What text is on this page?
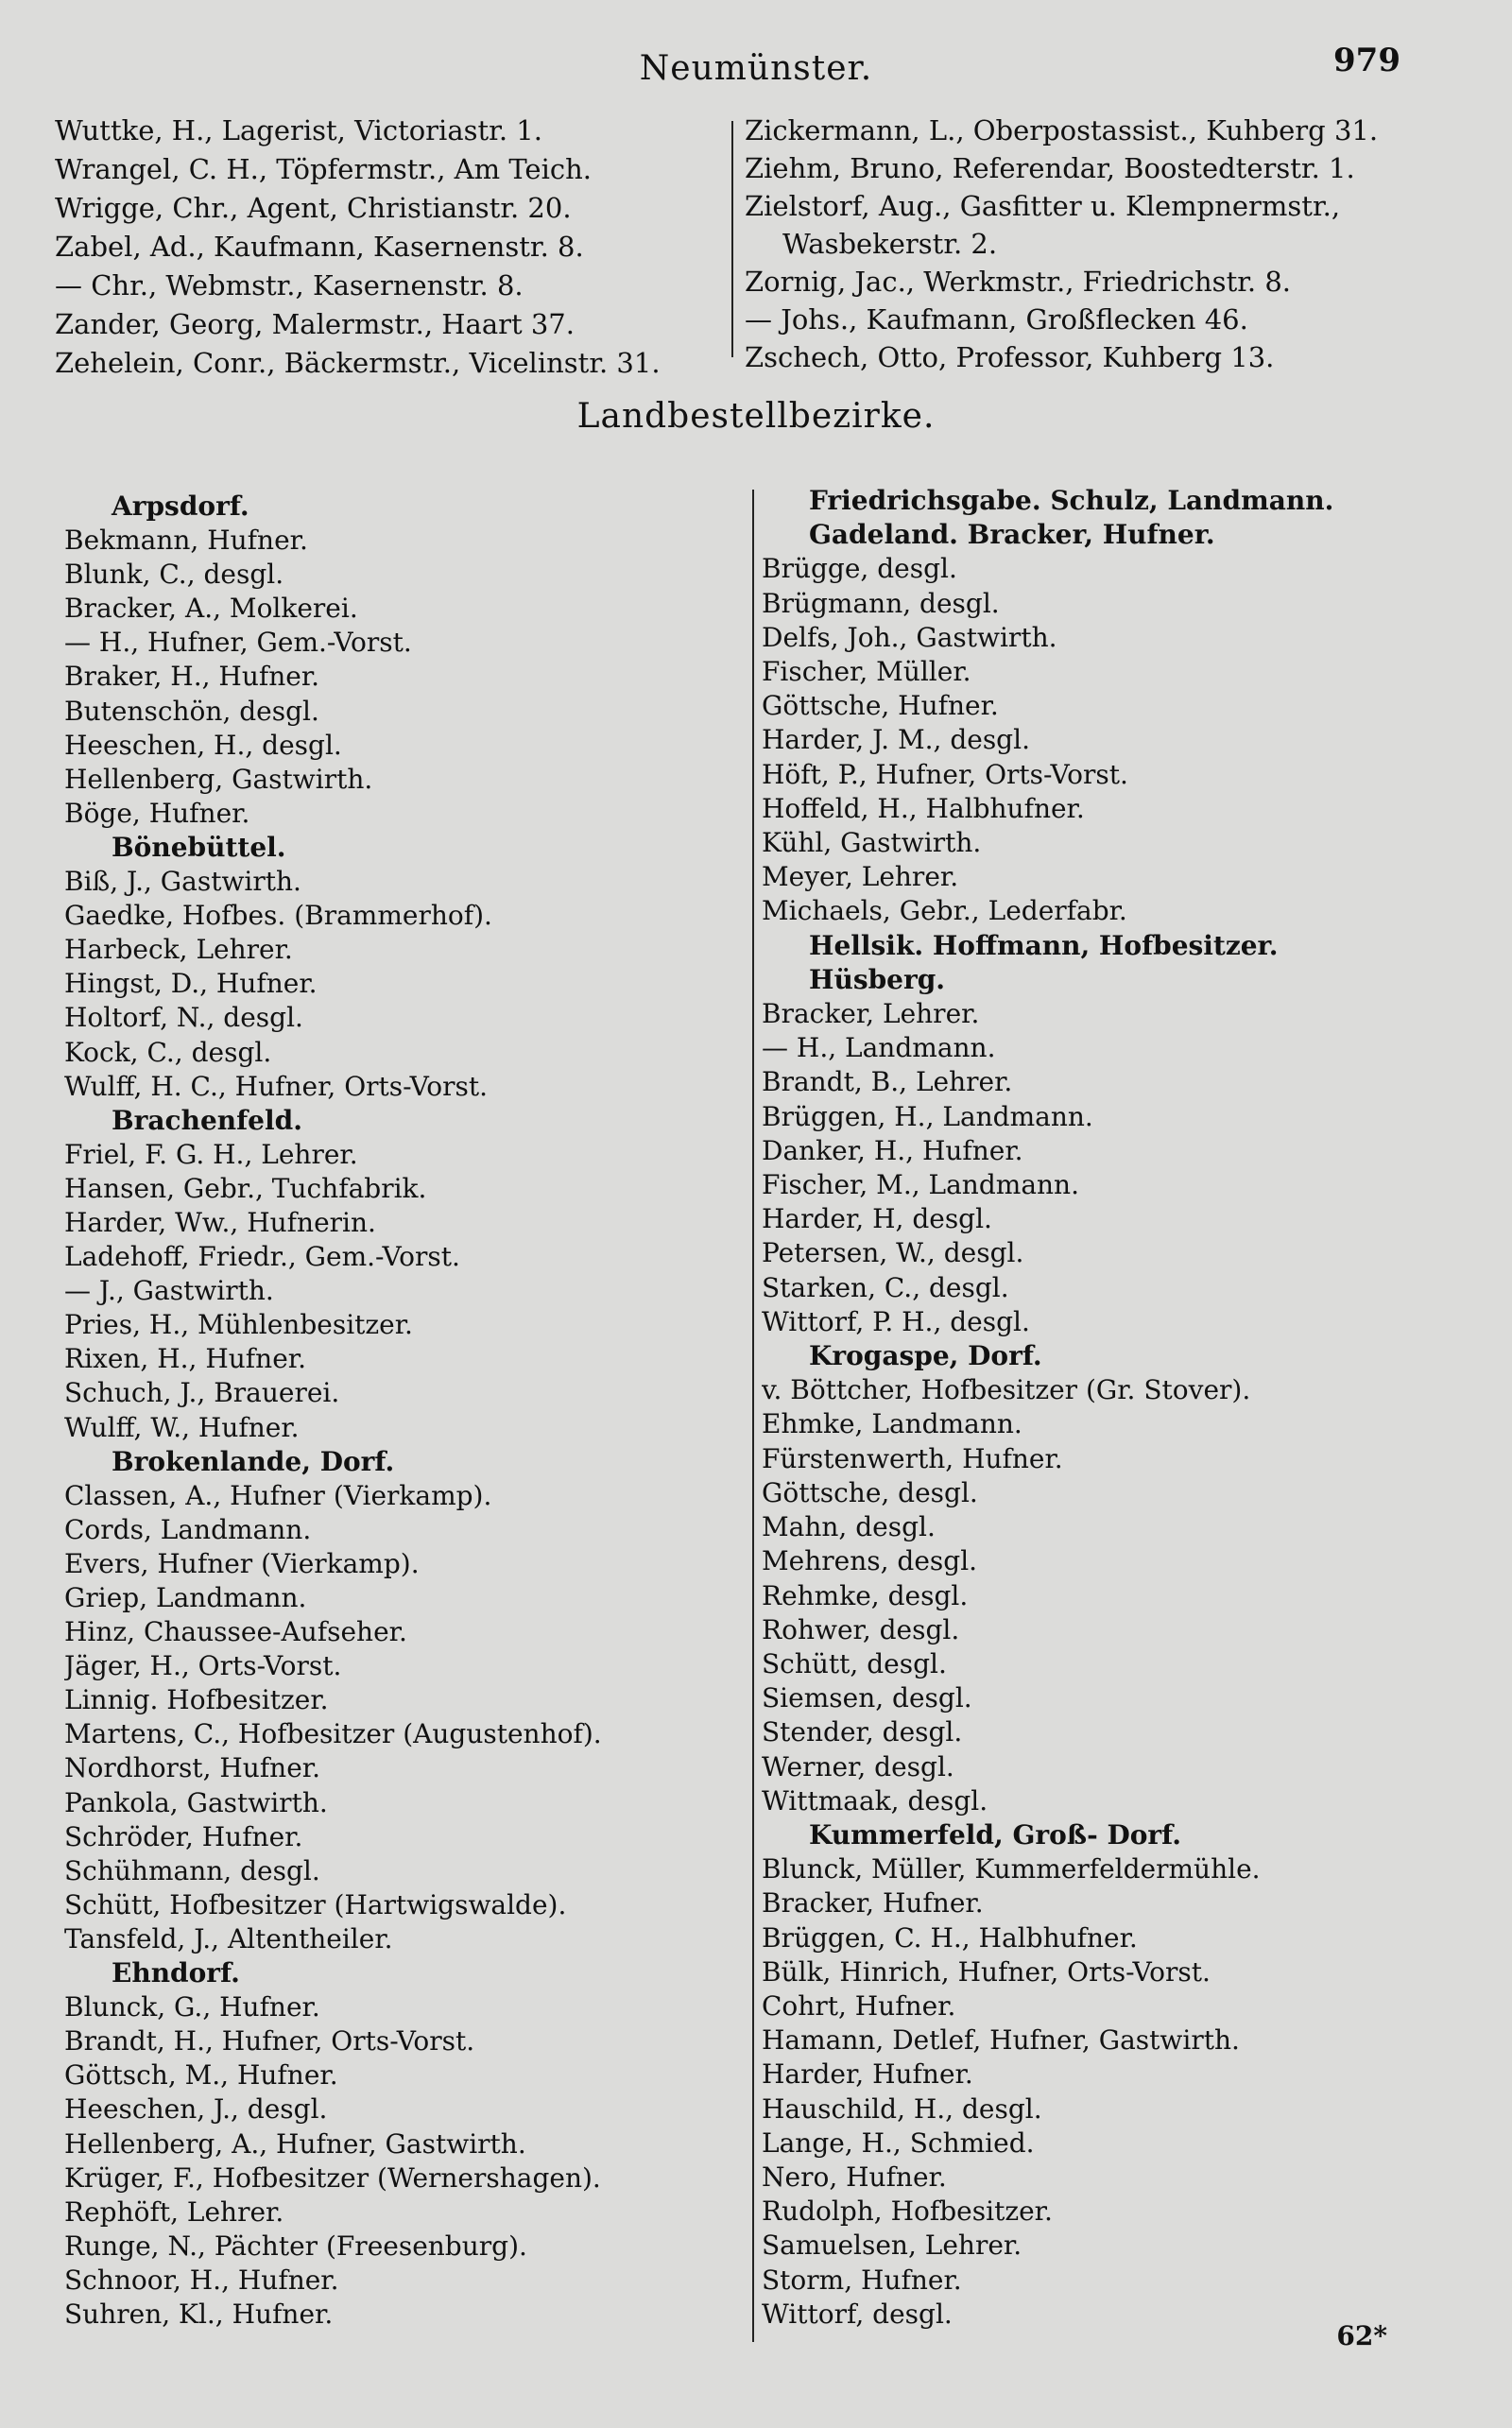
Neumünster.	979
Wuttke, H., Lagerist, Victoriastr. 1.
Wrangel, C. H., Töpfermstr., Am Teich.
Wrigge, Chr., Agent, Christianstr. 20.
Zabel, Ad., Kaufmann, Kasernenstr. 8.
— Chr., Webmstr., Kasernenstr. 8.
Zander, Georg, Malermstr., Haart 37.
Zehelein, Conr., Bäckermstr., Vicelinstr. 31.
Zickermann, L., Oberpostassist., Kuhberg 31.
Ziehm, Bruno, Referendar, Boostedterstr. 1.
Zielstorf, Aug., Gasfitter u. Klempnermstr.,
Wasbekerstr. 2.
Zornig, Jac., Werkmstr., Friedrichstr. 8.
— Johs., Kaufmann, Großflecken 46.
Zschech, Otto, Professor, Kuhberg 13.
Landbestellbezirke.
Arpsdorf.
Bekmann, Hufner.
Blunk, C., desgl.
Bracker, A., Molkerei.
— H., Hufner, Gem.-Vorst.
Braker, H., Hufner.
Butenschön, desgl.
Heeschen, H., desgl.
Hellenberg, Gastwirth.
Böge, Hufner.
Bönebüttel.
Biß, J., Gastwirth.
Gaedke, Hofbes. (Brammerhof).
Harbeck, Lehrer.
Hingst, D., Hufner.
Holtorf, N., desgl.
Kock, C., desgl.
Wulff, H. C., Hufner, Orts-Vorst.
Brachenfeld.
Friel, F. G. H., Lehrer.
Hansen, Gebr., Tuchfabrik.
Harder, Ww., Hufnerin.
Ladehoff, Friedr., Gem.-Vorst.
— J., Gastwirth.
Pries, H., Mühlenbesitzer.
Rixen, H., Hufner.
Schuch, J., Brauerei.
Wulff, W., Hufner.
Brokenlande, Dorf.
Classen, A., Hufner (Vierkamp).
Cords, Landmann.
Evers, Hufner (Vierkamp).
Griep, Landmann.
Hinz, Chaussee-Aufseher.
Jäger, H., Orts-Vorst.
Linnig. Hofbesitzer.
Martens, C., Hofbesitzer (Augustenhof).
Nordhorst, Hufner.
Pankola, Gastwirth.
Schröder, Hufner.
Schühmann, desgl.
Schütt, Hofbesitzer (Hartwigswalde).
Tansfeld, J., Altentheiler.
Ehndorf.
Blunck, G., Hufner.
Brandt, H., Hufner, Orts-Vorst.
Göttsch, M., Hufner.
Heeschen, J., desgl.
Hellenberg, A., Hufner, Gastwirth.
Krüger, F., Hofbesitzer (Wernershagen).
Rephöft, Lehrer.
Runge, N., Pächter (Freesenburg).
Schnoor, H., Hufner.
Suhren, Kl., Hufner.
Friedrichsgabe. Schulz, Landmann.
Gadeland. Bracker, Hufner.
Brügge, desgl.
Brügmann, desgl.
Delfs, Joh., Gastwirth.
Fischer, Müller.
Göttsche, Hufner.
Harder, J. M., desgl.
Höft, P., Hufner, Orts-Vorst.
Hoffeld, H., Halbhufner.
Kühl, Gastwirth.
Meyer, Lehrer.
Michaels, Gebr., Lederfabr.
Hellsik. Hoffmann, Hofbesitzer.
Hüsberg.
Bracker, Lehrer.
— H., Landmann.
Brandt, B., Lehrer.
Brüggen, H., Landmann.
Danker, H., Hufner.
Fischer, M., Landmann.
Harder, H, desgl.
Petersen, W., desgl.
Starken, C., desgl.
Wittorf, P. H., desgl.
Krogaspe, Dorf.
v. Böttcher, Hofbesitzer (Gr. Stover).
Ehmke, Landmann.
Fürstenwerth, Hufner.
Göttsche, desgl.
Mahn, desgl.
Mehrens, desgl.
Rehmke, desgl.
Rohwer, desgl.
Schütt, desgl.
Siemsen, desgl.
Stender, desgl.
Werner, desgl.
Wittmaak, desgl.
Kummerfeld, Groß- Dorf.
Blunck, Müller, Kummerfeldermühle.
Bracker, Hufner.
Brüggen, C. H., Halbhufner.
Bülk, Hinrich, Hufner, Orts-Vorst.
Cohrt, Hufner.
Hamann, Detlef, Hufner, Gastwirth.
Harder, Hufner.
Hauschild, H., desgl.
Lange, H., Schmied.
Nero, Hufner.
Rudolph, Hofbesitzer.
Samuelsen, Lehrer.
Storm, Hufner.
Wittorf, desgl.
62*
